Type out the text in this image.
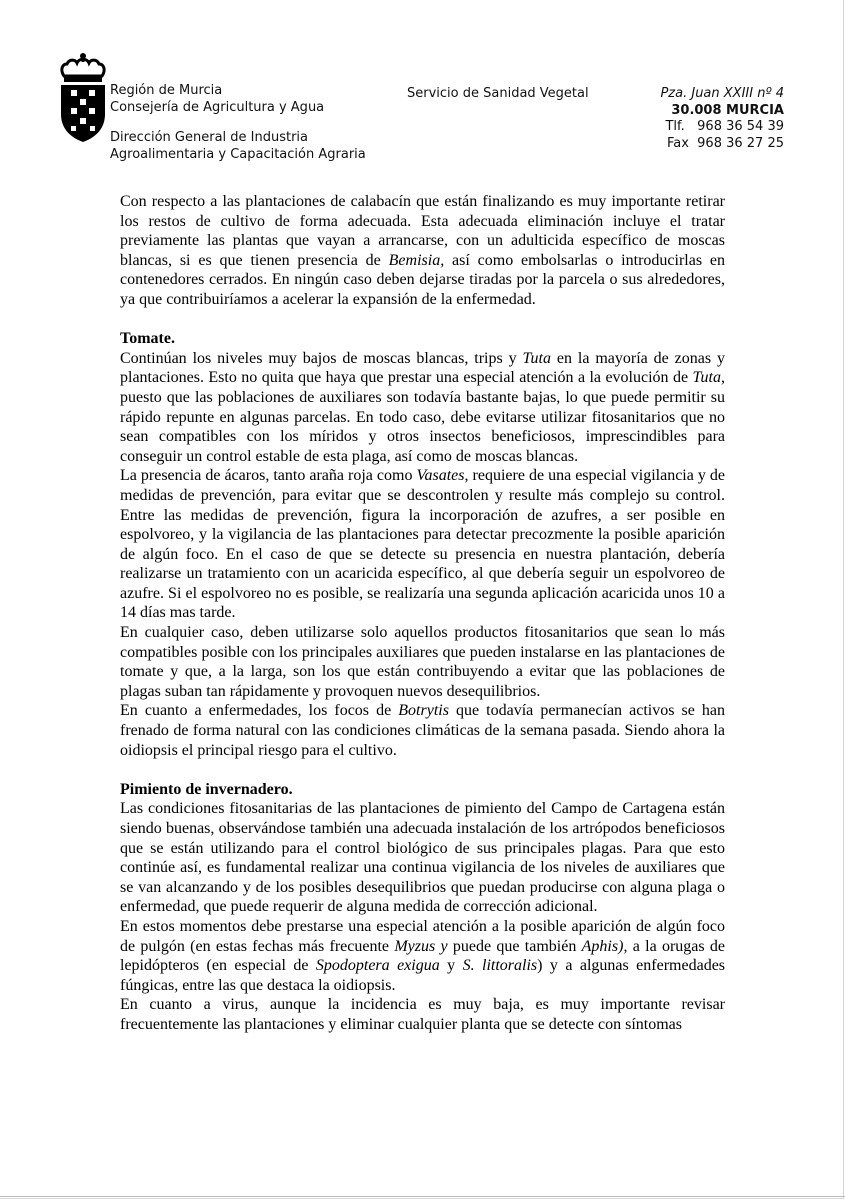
Región de Murcia
Consejería de Agricultura y Agua
Dirección General de Industria
Agroalimentaria y Capacitación Agraria
Servicio de Sanidad Vegetal	Pza. Juan XXIII nº 4
30.008 MURCIA
Tlf.   968 36 54 39
Fax  968 36 27 25

Con respecto a las plantaciones de calabacín que están finalizando es muy importante retirar los restos de cultivo de forma adecuada. Esta adecuada eliminación incluye el tratar previamente las plantas que vayan a arrancarse, con un adulticida específico de moscas blancas, si es que tienen presencia de Bemisia, así como embolsarlas o introducirlas en contenedores cerrados. En ningún caso deben dejarse tiradas por la parcela o sus alrededores, ya que contribuiríamos a acelerar la expansión de la enfermedad.

Tomate.

Continúan los niveles muy bajos de moscas blancas, trips y Tuta en la mayoría de zonas y plantaciones. Esto no quita que haya que prestar una especial atención a la evolución de Tuta, puesto que las poblaciones de auxiliares son todavía bastante bajas, lo que puede permitir su rápido repunte en algunas parcelas. En todo caso, debe evitarse utilizar fitosanitarios que no sean compatibles con los míridos y otros insectos beneficiosos, imprescindibles para conseguir un control estable de esta plaga, así como de moscas blancas.

La presencia de ácaros, tanto araña roja como Vasates, requiere de una especial vigilancia y de medidas de prevención, para evitar que se descontrolen y resulte más complejo su control. Entre las medidas de prevención, figura la incorporación de azufres, a ser posible en espolvoreo, y la vigilancia de las plantaciones para detectar precozmente la posible aparición de algún foco. En el caso de que se detecte su presencia en nuestra plantación, debería realizarse un tratamiento con un acaricida específico, al que debería seguir un espolvoreo de azufre. Si el espolvoreo no es posible, se realizaría una segunda aplicación acaricida unos 10 a 14 días mas tarde.

En cualquier caso, deben utilizarse solo aquellos productos fitosanitarios que sean lo más compatibles posible con los principales auxiliares que pueden instalarse en las plantaciones de tomate y que, a la larga, son los que están contribuyendo a evitar que las poblaciones de plagas suban tan rápidamente y provoquen nuevos desequilibrios.

En cuanto a enfermedades, los focos de Botrytis que todavía permanecían activos se han frenado de forma natural con las condiciones climáticas de la semana pasada. Siendo ahora la oidiopsis el principal riesgo para el cultivo.

Pimiento de invernadero.

Las condiciones fitosanitarias de las plantaciones de pimiento del Campo de Cartagena están siendo buenas, observándose también una adecuada instalación de los artrópodos beneficiosos que se están utilizando para el control biológico de sus principales plagas. Para que esto continúe así, es fundamental realizar una continua vigilancia de los niveles de auxiliares que se van alcanzando y de los posibles desequilibrios que puedan producirse con alguna plaga o enfermedad, que puede requerir de alguna medida de corrección adicional.

En estos momentos debe prestarse una especial atención a la posible aparición de algún foco de pulgón (en estas fechas más frecuente Myzus y puede que también Aphis), a la orugas de lepidópteros (en especial de Spodoptera exigua y S. littoralis) y a algunas enfermedades fúngicas, entre las que destaca la oidiopsis.

En cuanto a virus, aunque la incidencia es muy baja, es muy importante revisar frecuentemente las plantaciones y eliminar cualquier planta que se detecte con síntomas
